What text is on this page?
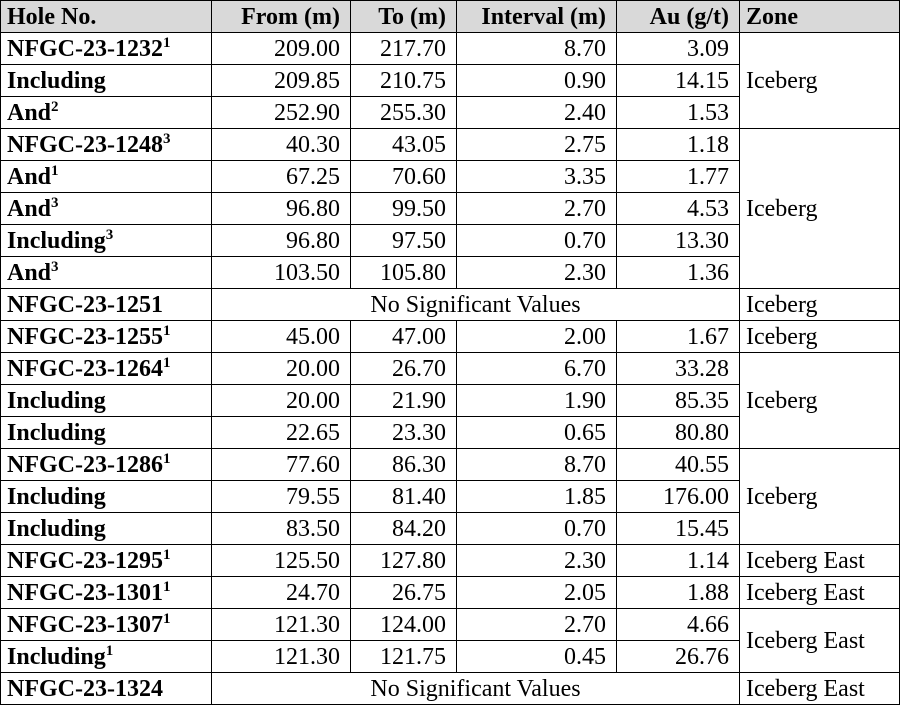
Hole No.	From (m)	To (m)	Interval (m)	Au (g/t)	Zone
NFGC-23-1232$^1$	209.00	217.70	8.70	3.09	Iceberg
Including	209.85	210.75	0.90	14.15	
And$^2$	252.90	255.30	2.40	1.53	
NFGC-23-1248$^3$	40.30	43.05	2.75	1.18	Iceberg
And$^1$	67.25	70.60	3.35	1.77	
And$^3$	96.80	99.50	2.70	4.53	
Including$^3$	96.80	97.50	0.70	13.30	
And$^3$	103.50	105.80	2.30	1.36	
NFGC-23-1251	No Significant Values				Iceberg
NFGC-23-1255$^1$	45.00	47.00	2.00	1.67	Iceberg
NFGC-23-1264$^1$	20.00	26.70	6.70	33.28	Iceberg
Including	20.00	21.90	1.90	85.35	
Including	22.65	23.30	0.65	80.80	
NFGC-23-1286$^1$	77.60	86.30	8.70	40.55	Iceberg
Including	79.55	81.40	1.85	176.00	
Including	83.50	84.20	0.70	15.45	
NFGC-23-1295$^1$	125.50	127.80	2.30	1.14	Iceberg East
NFGC-23-1301$^1$	24.70	26.75	2.05	1.88	Iceberg East
NFGC-23-1307$^1$	121.30	124.00	2.70	4.66	Iceberg East
Including$^1$	121.30	121.75	0.45	26.76	
NFGC-23-1324	No Significant Values				Iceberg East
